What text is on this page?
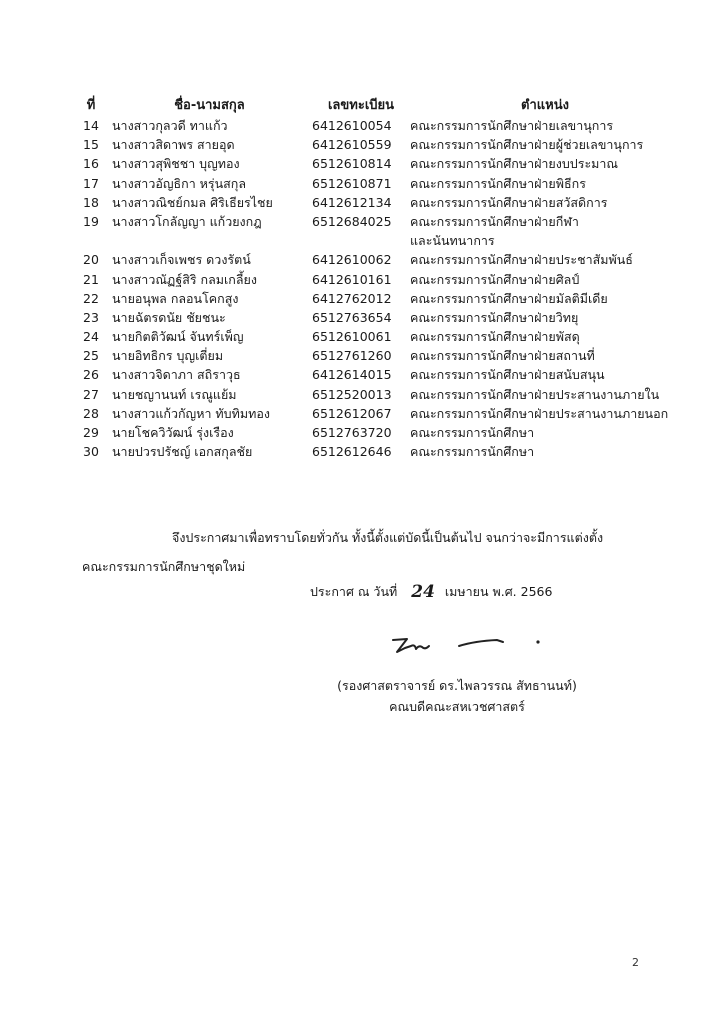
ที่	ชื่อ-นามสกุล	เลขทะเบียน	ตำแหน่ง
14	นางสาวกุลวดี ทาแก้ว	6412610054	คณะกรรมการนักศึกษาฝ่ายเลขานุการ
15	นางสาวสิดาพร สายอุด	6412610559	คณะกรรมการนักศึกษาฝ่ายผู้ช่วยเลขานุการ
16	นางสาวสุพิชชา บุญทอง	6512610814	คณะกรรมการนักศึกษาฝ่ายงบประมาณ
17	นางสาวอัญธิกา หรุ่นสกุล	6512610871	คณะกรรมการนักศึกษาฝ่ายพิธีกร
18	นางสาวณิชย์กมล ศิริเธียรไชย	6412612134	คณะกรรมการนักศึกษาฝ่ายสวัสดิการ
19	นางสาวโกลัญญา แก้วยงกฎ	6512684025	คณะกรรมการนักศึกษาฝ่ายกีฬา
			และนันทนาการ
20	นางสาวเก็จเพชร ดวงรัตน์	6412610062	คณะกรรมการนักศึกษาฝ่ายประชาสัมพันธ์
21	นางสาวณัฏฐ์สิริ กลมเกลี้ยง	6412610161	คณะกรรมการนักศึกษาฝ่ายศิลป์
22	นายอนุพล กลอนโคกสูง	6412762012	คณะกรรมการนักศึกษาฝ่ายมัลติมีเดีย
23	นายฉัตรดนัย ชัยชนะ	6512763654	คณะกรรมการนักศึกษาฝ่ายวิทยุ
24	นายกิตติวัฒน์ จันทร์เพ็ญ	6512610061	คณะกรรมการนักศึกษาฝ่ายพัสดุ
25	นายอิทธิกร บุญเตี่ยม	6512761260	คณะกรรมการนักศึกษาฝ่ายสถานที่
26	นางสาวจิดาภา สถิราวุธ	6412614015	คณะกรรมการนักศึกษาฝ่ายสนับสนุน
27	นายชญานนท์ เรณูแย้ม	6512520013	คณะกรรมการนักศึกษาฝ่ายประสานงานภายใน
28	นางสาวแก้วกัญหา ทับทิมทอง	6512612067	คณะกรรมการนักศึกษาฝ่ายประสานงานภายนอก
29	นายโชควิวัฒน์ รุ่งเรือง	6512763720	คณะกรรมการนักศึกษา
30	นายปวรปรัชญ์ เอกสกุลชัย	6512612646	คณะกรรมการนักศึกษา
จึงประกาศมาเพื่อทราบโดยทั่วกัน ทั้งนี้ตั้งแต่บัดนี้เป็นต้นไป จนกว่าจะมีการแต่งตั้ง
คณะกรรมการนักศึกษาชุดใหม่
ประกาศ ณ วันที่ 24 เมษายน พ.ศ. 2566
(รองศาสตราจารย์ ดร.ไพลวรรณ สัทธานนท์)
คณบดีคณะสหเวชศาสตร์
2
